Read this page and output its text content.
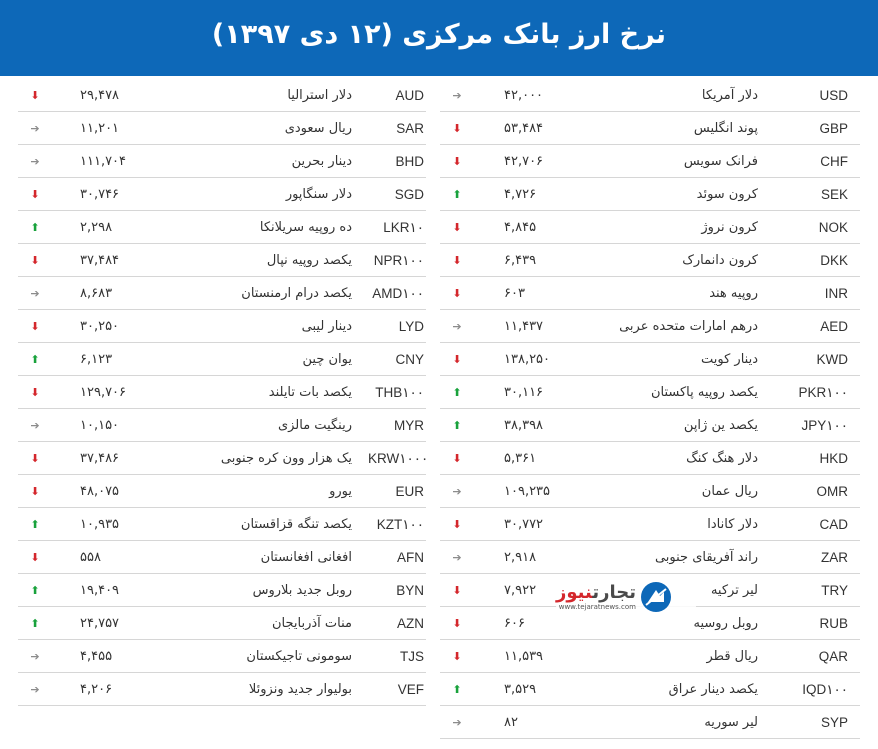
نرخ ارز بانک مرکزی (۱۲ دی ۱۳۹۷)
⬇	۲۹,۴۷۸	دلار استرالیا	AUD
➔	۱۱,۲۰۱	ریال سعودی	SAR
➔	۱۱۱,۷۰۴	دینار بحرین	BHD
⬇	۳۰,۷۴۶	دلار سنگاپور	SGD
⬆	۲,۲۹۸	ده روپیه سریلانکا	LKR۱۰
⬇	۳۷,۴۸۴	یکصد روپیه نپال	NPR۱۰۰
➔	۸,۶۸۳	یکصد درام ارمنستان	AMD۱۰۰
⬇	۳۰,۲۵۰	دینار لیبی	LYD
⬆	۶,۱۲۳	یوان چین	CNY
⬇	۱۲۹,۷۰۶	یکصد بات تایلند	THB۱۰۰
➔	۱۰,۱۵۰	رینگیت مالزی	MYR
⬇	۳۷,۴۸۶	یک هزار وون کره جنوبی KRW۱۰۰۰
⬇	۴۸,۰۷۵	یورو	EUR
⬆	۱۰,۹۳۵	یکصد تنگه قزاقستان	KZT۱۰۰
⬇	۵۵۸	افغانی افغانستان	AFN
⬆	۱۹,۴۰۹	روبل جدید بلاروس	BYN
⬆	۲۴,۷۵۷	منات آذربایجان	AZN
➔	۴,۴۵۵	سومونی تاجیکستان	TJS
➔	۴,۲۰۶	بولیوار جدید ونزوئلا	VEF
➔	۴۲,۰۰۰	دلار آمریکا	USD
⬇	۵۳,۴۸۴	پوند انگلیس	GBP
⬇	۴۲,۷۰۶	فرانک سویس	CHF
⬆	۴,۷۲۶	کرون سوئد	SEK
⬇	۴,۸۴۵	کرون نروژ	NOK
⬇	۶,۴۳۹	کرون دانمارک	DKK
⬇	۶۰۳	روپیه هند	INR
➔	۱۱,۴۳۷	درهم امارات متحده عربی	AED
⬇	۱۳۸,۲۵۰	دینار کویت	KWD
⬆	۳۰,۱۱۶	یکصد روپیه پاکستان	PKR۱۰۰
⬆	۳۸,۳۹۸	یکصد ین ژاپن	JPY۱۰۰
⬇	۵,۳۶۱	دلار هنگ کنگ	HKD
➔	۱۰۹,۲۳۵	ریال عمان	OMR
⬇	۳۰,۷۷۲	دلار کانادا	CAD
➔	۲,۹۱۸	راند آفریقای جنوبی	ZAR
⬇	۷,۹۲۲	لیر ترکیه	TRY
⬇	۶۰۶	روبل روسیه	RUB
⬇	۱۱,۵۳۹	ریال قطر	QAR
⬆	۳,۵۲۹	یکصد دینار عراق	IQD۱۰۰
➔	۸۲	لیر سوریه	SYP
تجارتنیوز
www.tejaratnews.com
